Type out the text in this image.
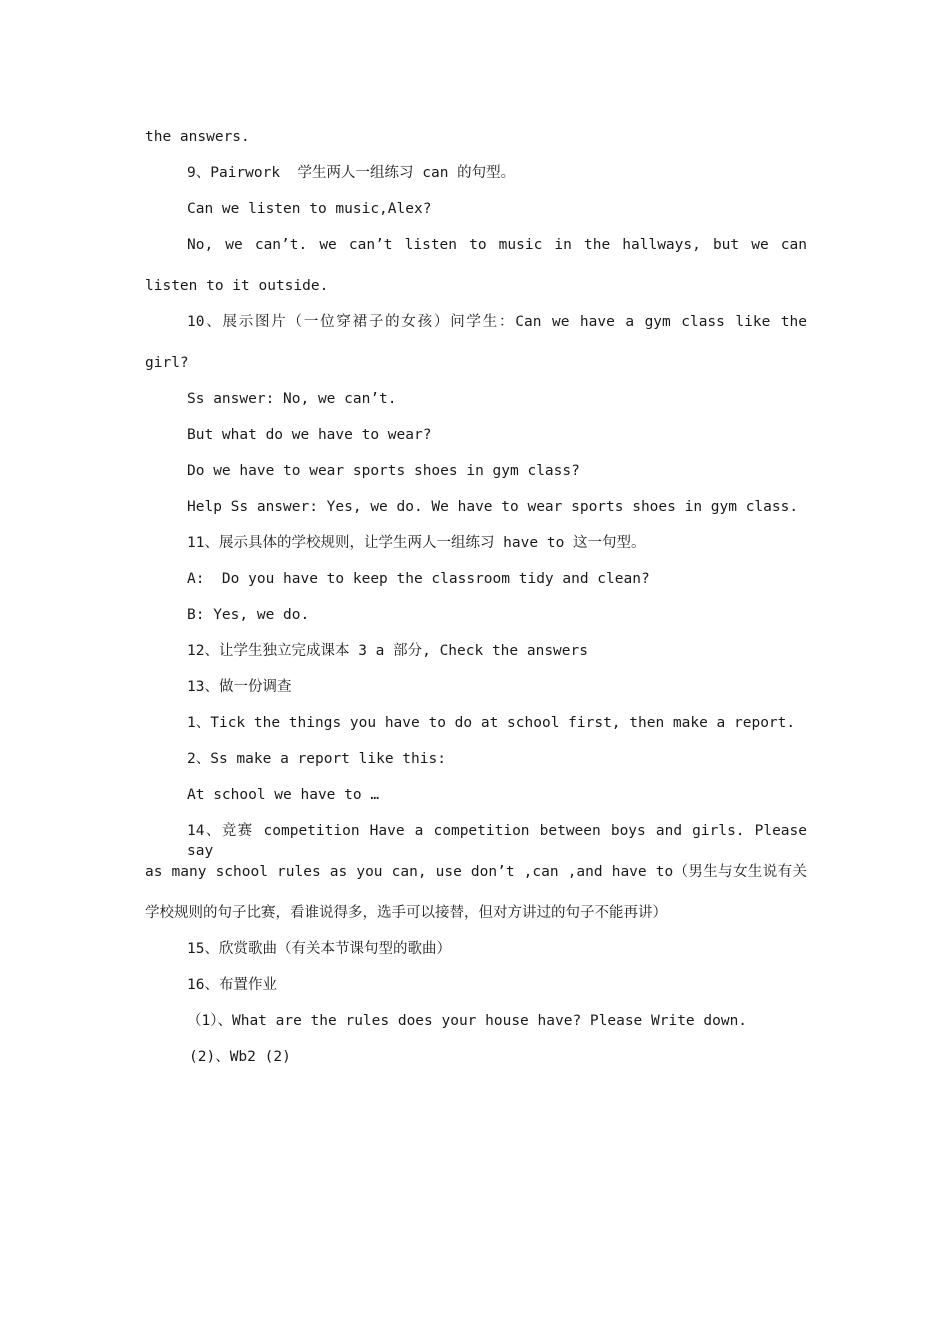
the answers.
9、Pairwork  学生两人一组练习 can 的句型。
Can we listen to music,Alex?
No, we can’t. we can’t listen to music in the hallways, but we can
listen to it outside.
10、展示图片（一位穿裙子的女孩）问学生：Can we have a gym class like the
girl?
Ss answer: No, we can’t.
But what do we have to wear?
Do we have to wear sports shoes in gym class?
Help Ss answer: Yes, we do. We have to wear sports shoes in gym class.
11、展示具体的学校规则，让学生两人一组练习 have to 这一句型。
A:  Do you have to keep the classroom tidy and clean?
B: Yes, we do.
12、让学生独立完成课本 3 a 部分, Check the answers
13、做一份调查
1、Tick the things you have to do at school first, then make a report.
2、Ss make a report like this:
At school we have to …
14、竞赛 competition Have a competition between boys and girls. Please say
as many school rules as you can, use don’t ,can ,and have to（男生与女生说有关
学校规则的句子比赛，看谁说得多，选手可以接替，但对方讲过的句子不能再讲）
15、欣赏歌曲（有关本节课句型的歌曲）
16、布置作业
（1）、What are the rules does your house have? Please Write down.
(2)、Wb2 (2)
